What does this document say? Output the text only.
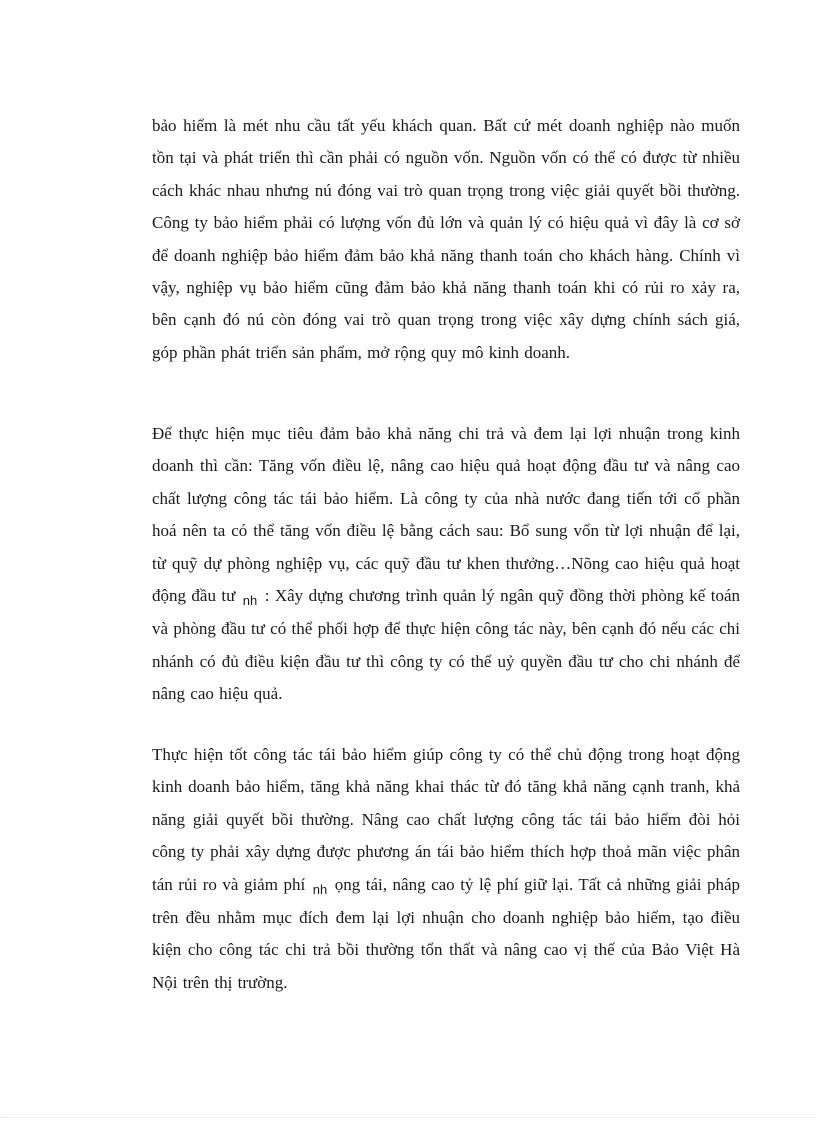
bảo hiểm là mét nhu cầu tất yếu khách quan. Bất cứ mét doanh nghiệp nào muốn tồn tại và phát triển thì cần phải có nguồn vốn. Nguồn vốn có thể có được từ nhiều cách khác nhau nhưng nú đóng vai trò quan trọng trong việc giải quyết bồi thường. Công ty bảo hiểm phải có lượng vốn đủ lớn và quản lý có hiệu quả vì đây là cơ sở để doanh nghiệp bảo hiểm đảm bảo khả năng thanh toán cho khách hàng. Chính vì vậy, nghiệp vụ bảo hiểm cũng đảm bảo khả năng thanh toán khi có rủi ro xảy ra, bên cạnh đó nú còn đóng vai trò quan trọng trong việc xây dựng chính sách giá, góp phần phát triển sản phẩm, mở rộng quy mô kinh doanh.
Để thực hiện mục tiêu đảm bảo khả năng chi trả và đem lại lợi nhuận trong kinh doanh thì cần: Tăng vốn điều lệ, nâng cao hiệu quả hoạt động đầu tư và nâng cao chất lượng công tác tái bảo hiểm. Là công ty của nhà nước đang tiến tới cổ phần hoá nên ta có thể tăng vốn điều lệ bằng cách sau: Bổ sung vốn từ lợi nhuận để lại, từ quỹ dự phòng nghiệp vụ, các quỹ đầu tư khen thưởng…Nõng cao hiệu quả hoạt động đầu tư $_{nh}$ : Xây dựng chương trình quản lý ngân quỹ đồng thời phòng kế toán và phòng đầu tư có thể phối hợp để thực hiện công tác này, bên cạnh đó nếu các chi nhánh có đủ điều kiện đầu tư thì công ty có thể uỷ quyền đầu tư cho chi nhánh để nâng cao hiệu quả.
Thực hiện tốt công tác tái bảo hiểm giúp công ty có thể chủ động trong hoạt động kinh doanh bảo hiểm, tăng khả năng khai thác từ đó tăng khả năng cạnh tranh, khả năng giải quyết bồi thường. Nâng cao chất lượng công tác tái bảo hiểm đòi hỏi công ty phải xây dựng được phương án tái bảo hiểm thích hợp thoả mãn việc phân tán rủi ro và giảm phí $_{nh}$ ọng tái, nâng cao tỷ lệ phí giữ lại. Tất cả những giải pháp trên đều nhằm mục đích đem lại lợi nhuận cho doanh nghiệp bảo hiểm, tạo điều kiện cho công tác chi trả bồi thường tổn thất và nâng cao vị thế của Bảo Việt Hà Nội trên thị trường.
